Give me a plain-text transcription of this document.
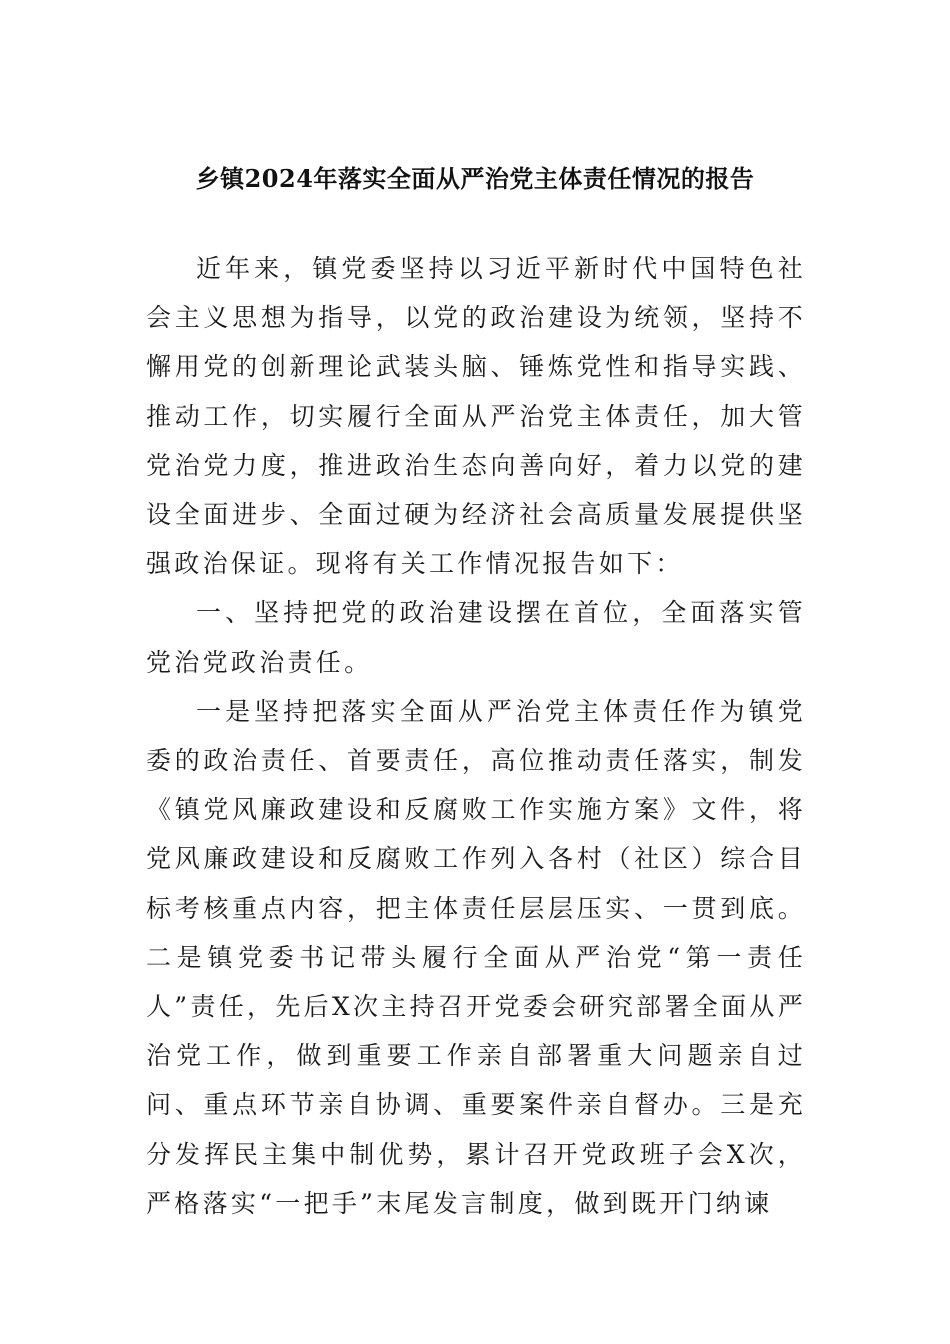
乡镇2024年落实全面从严治党主体责任情况的报告

近年来，镇党委坚持以习近平新时代中国特色社会主义思想为指导，以党的政治建设为统领，坚持不懈用党的创新理论武装头脑、锤炼党性和指导实践、推动工作，切实履行全面从严治党主体责任，加大管党治党力度，推进政治生态向善向好，着力以党的建设全面进步、全面过硬为经济社会高质量发展提供坚强政治保证。现将有关工作情况报告如下：

一、坚持把党的政治建设摆在首位，全面落实管党治党政治责任。

一是坚持把落实全面从严治党主体责任作为镇党委的政治责任、首要责任，高位推动责任落实，制发《镇党风廉政建设和反腐败工作实施方案》文件，将党风廉政建设和反腐败工作列入各村（社区）综合目标考核重点内容，把主体责任层层压实、一贯到底。二是镇党委书记带头履行全面从严治党“第一责任人”责任，先后X次主持召开党委会研究部署全面从严治党工作，做到重要工作亲自部署重大问题亲自过问、重点环节亲自协调、重要案件亲自督办。三是充分发挥民主集中制优势，累计召开党政班子会X次，严格落实“一把手”末尾发言制度，做到既开门纳谏
